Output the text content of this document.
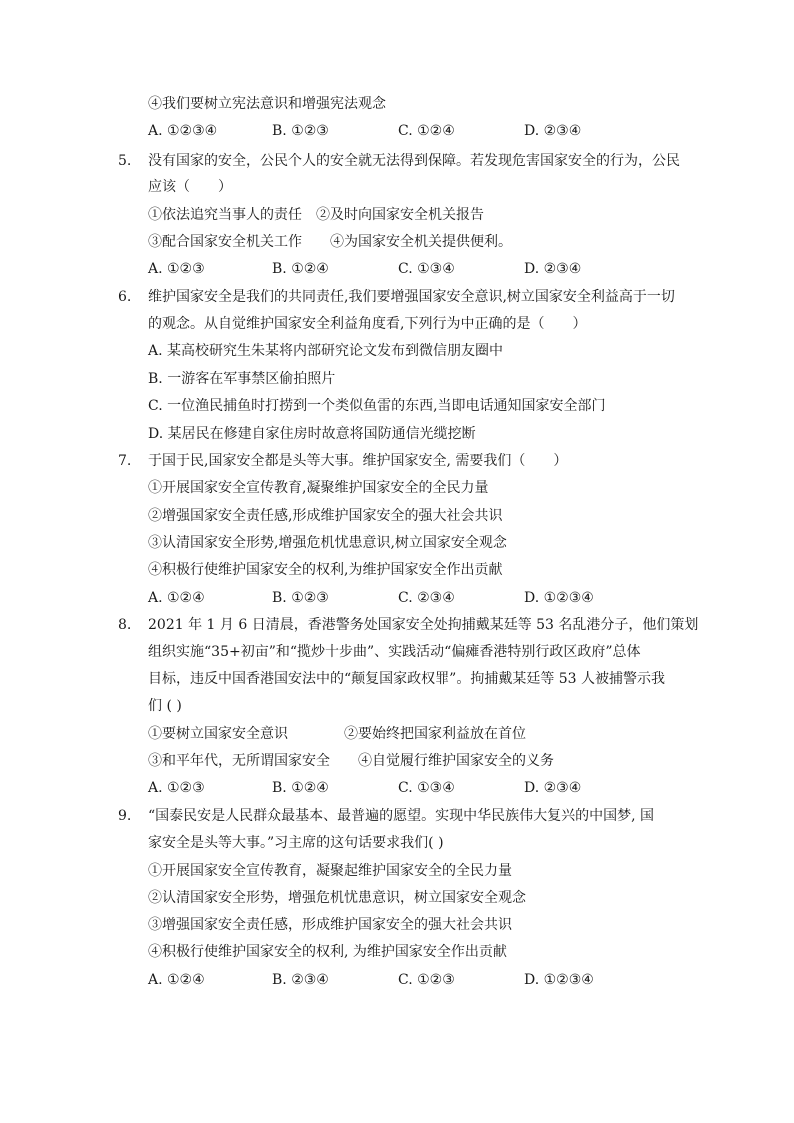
④我们要树立宪法意识和增强宪法观念
A. ①②③④	B. ①②③	C. ①②④	D. ②③④
5. 没有国家的安全，公民个人的安全就无法得到保障。若发现危害国家安全的行为，公民
应该（　　）
①依法追究当事人的责任　②及时向国家安全机关报告
③配合国家安全机关工作　　④为国家安全机关提供便利。
A. ①②③	B. ①②④	C. ①③④	D. ②③④
6. 维护国家安全是我们的共同责任,我们要增强国家安全意识,树立国家安全利益高于一切
的观念。从自觉维护国家安全利益角度看,下列行为中正确的是（　　）
A. 某高校研究生朱某将内部研究论文发布到微信朋友圈中
B. 一游客在军事禁区偷拍照片
C. 一位渔民捕鱼时打捞到一个类似鱼雷的东西,当即电话通知国家安全部门
D. 某居民在修建自家住房时故意将国防通信光缆挖断
7. 于国于民,国家安全都是头等大事。维护国家安全, 需要我们（　　）
①开展国家安全宣传教育,凝聚维护国家安全的全民力量
②增强国家安全责任感,形成维护国家安全的强大社会共识
③认清国家安全形势,增强危机忧患意识,树立国家安全观念
④积极行使维护国家安全的权利,为维护国家安全作出贡献
A. ①②④	B. ①②③	C. ②③④	D. ①②③④
8. 2021 年 1 月 6 日清晨，香港警务处国家安全处拘捕戴某廷等 53 名乱港分子，他们策划
组织实施“35+初亩”和“揽炒十步曲”、实践活动“偏瘫香港特别行政区政府”总体
目标，违反中国香港国安法中的“颠复国家政权罪”。拘捕戴某廷等 53 人被捕警示我
们 ( )
①要树立国家安全意识　　　　②要始终把国家利益放在首位
③和平年代，无所谓国家安全　　④自觉履行维护国家安全的义务
A. ①②③	B. ①②④	C. ①③④	D. ②③④
9. “国泰民安是人民群众最基本、最普遍的愿望。实现中华民族伟大复兴的中国梦, 国
家安全是头等大事。”习主席的这句话要求我们( )
①开展国家安全宣传教育，凝聚起维护国家安全的全民力量
②认清国家安全形势，增强危机忧患意识，树立国家安全观念
③增强国家安全责任感，形成维护国家安全的强大社会共识
④积极行使维护国家安全的权利, 为维护国家安全作出贡献
A. ①②④	B. ②③④	C. ①②③	D. ①②③④
